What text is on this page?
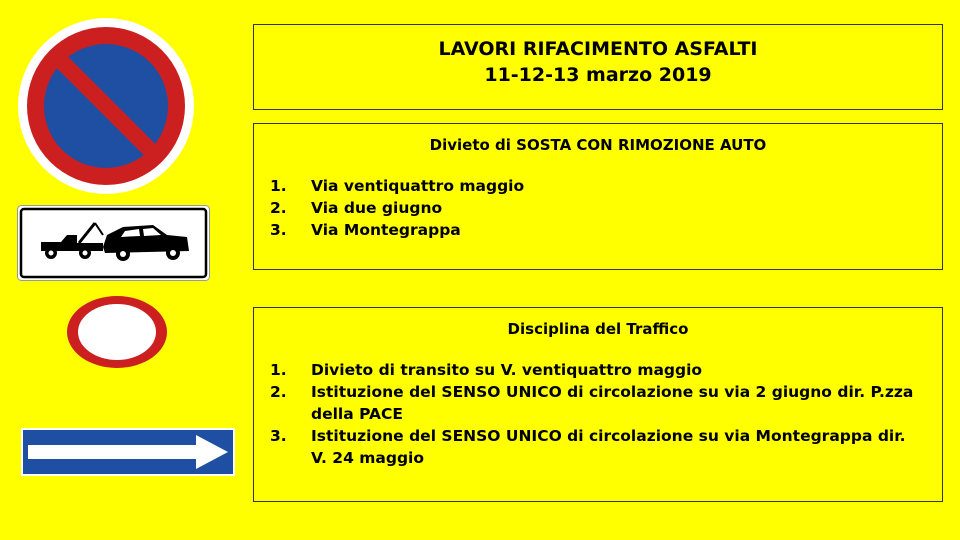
LAVORI RIFACIMENTO ASFALTI
11-12-13 marzo 2019
Divieto di SOSTA CON RIMOZIONE AUTO
1.	Via ventiquattro maggio
2.	Via due giugno
3.	Via Montegrappa
Disciplina del Traffico
1.	Divieto di transito su V. ventiquattro maggio
2.	Istituzione del SENSO UNICO di circolazione su via 2 giugno dir. P.zza della PACE
3.	Istituzione del SENSO UNICO di circolazione su via Montegrappa dir. V. 24 maggio
